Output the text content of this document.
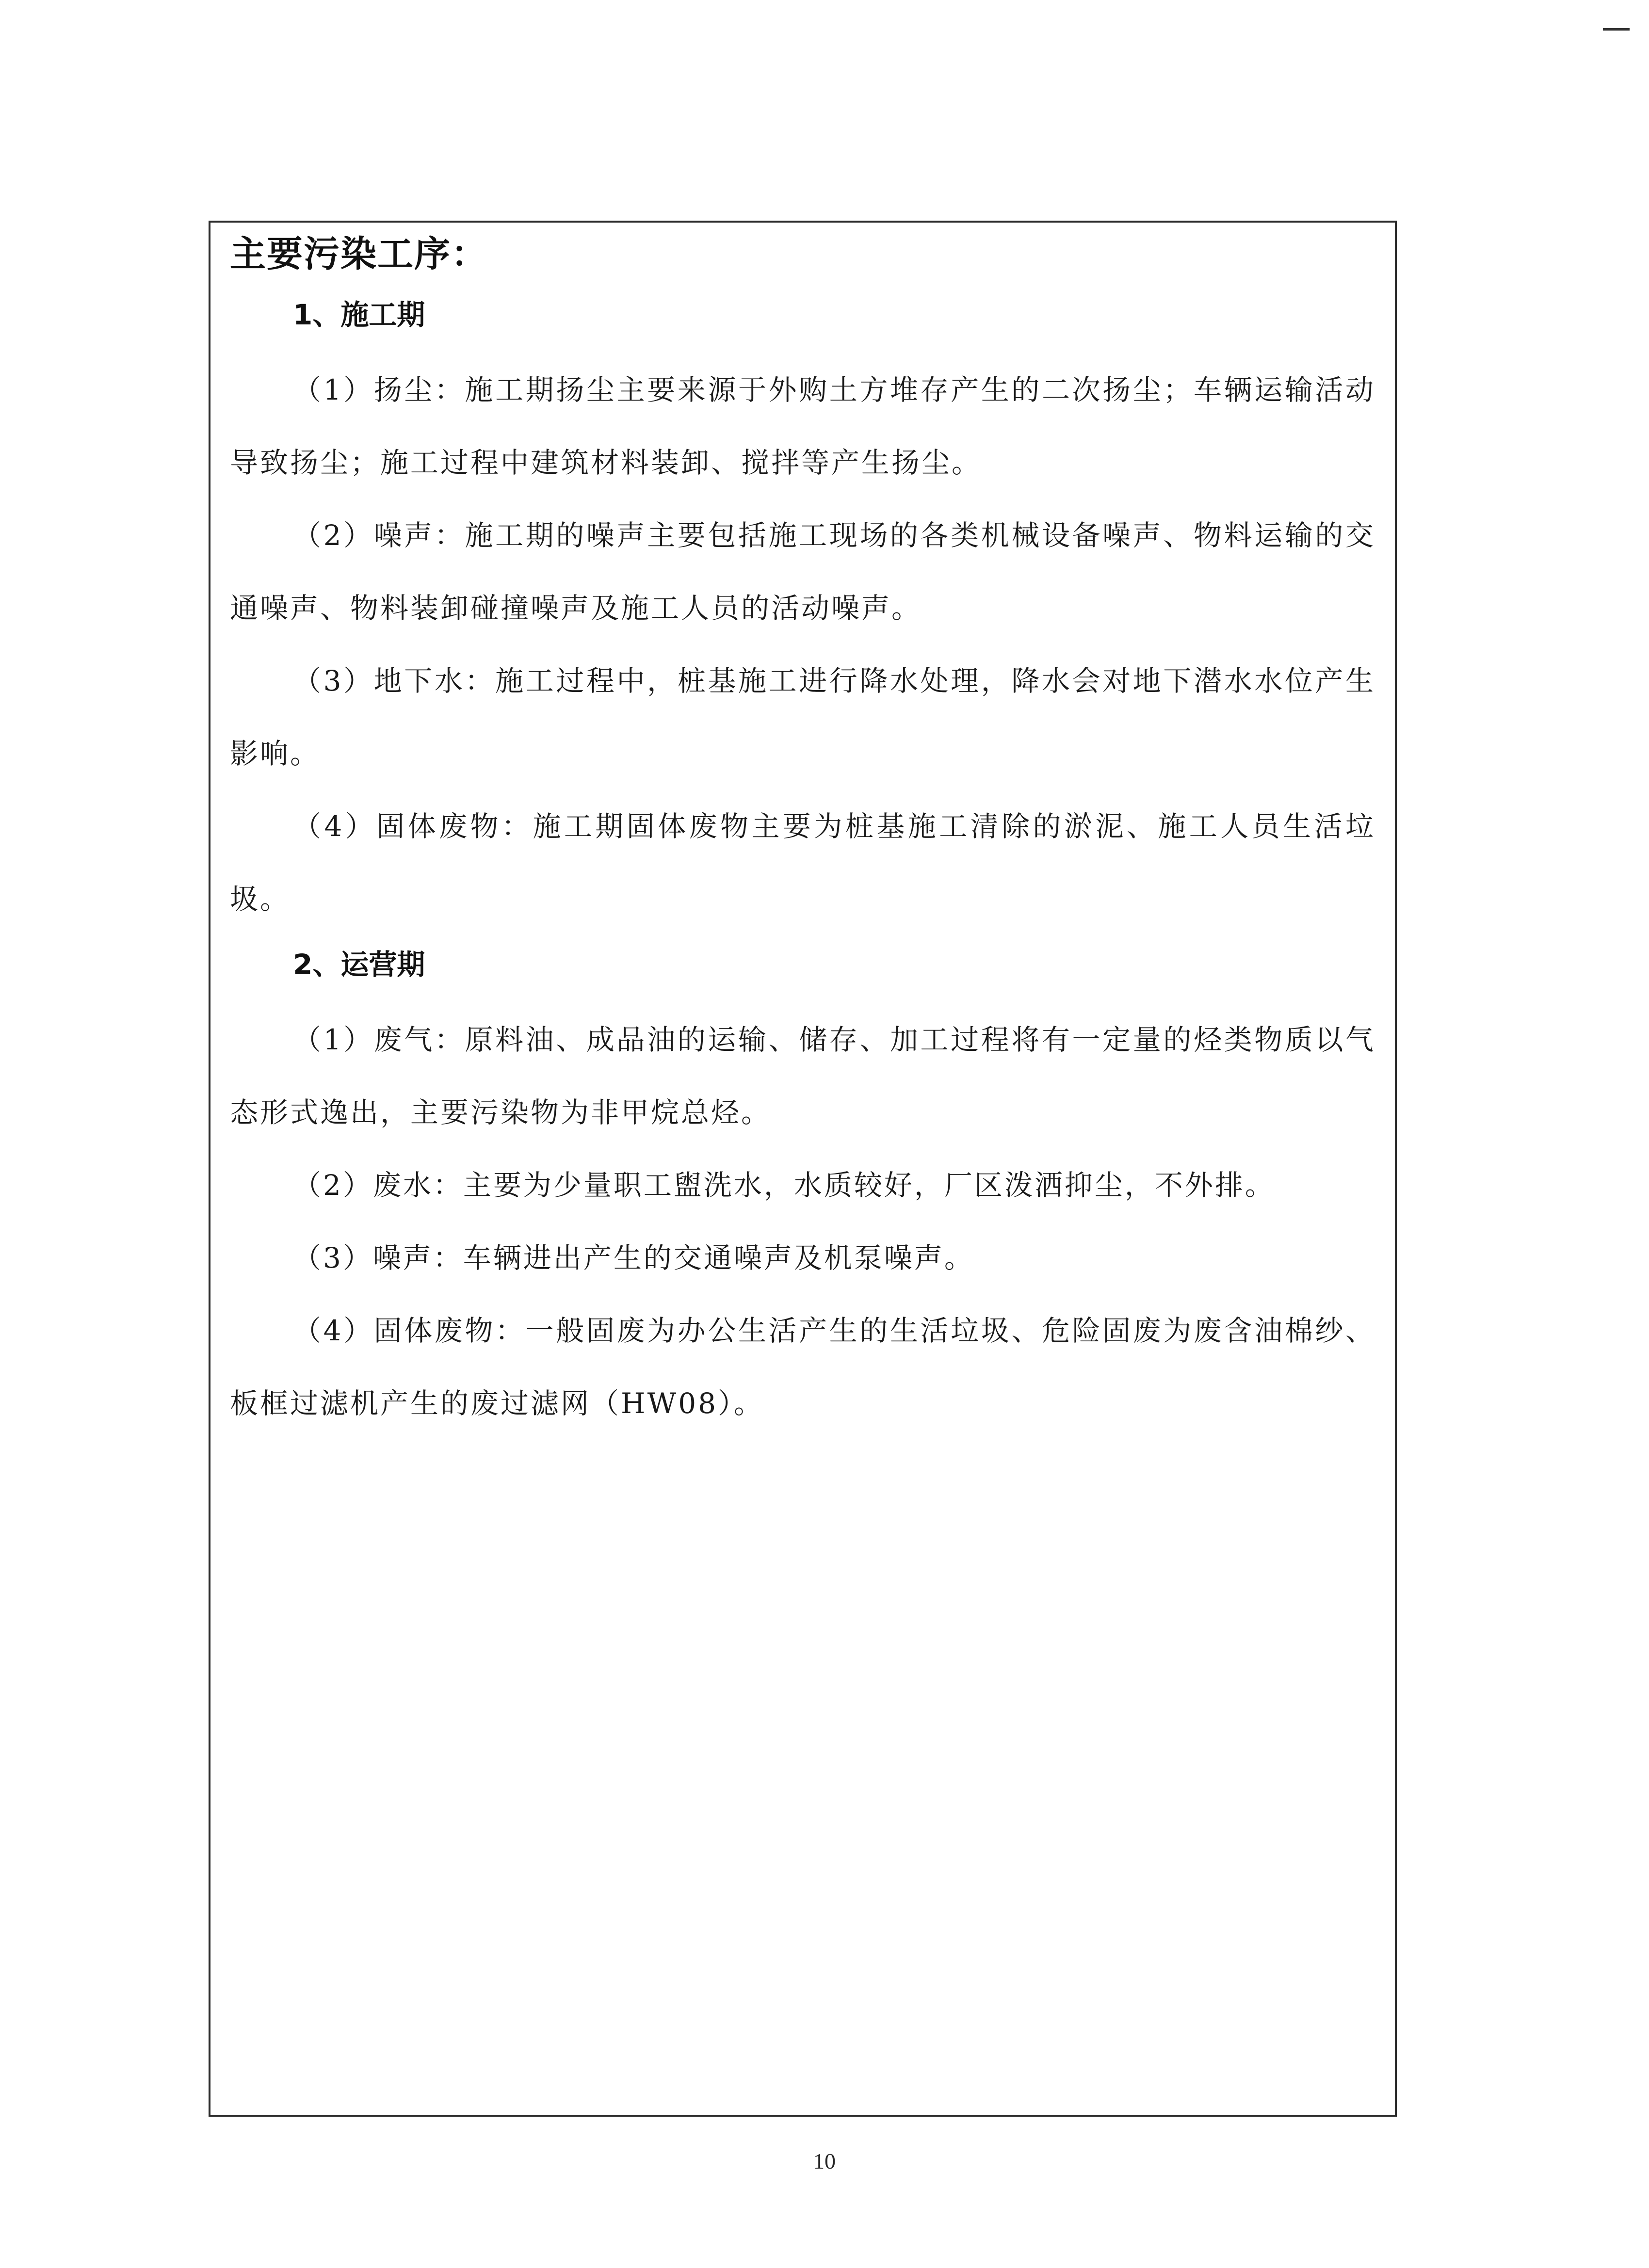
主要污染工序：

1、施工期

（1）扬尘：施工期扬尘主要来源于外购土方堆存产生的二次扬尘；车辆运输活动导致扬尘；施工过程中建筑材料装卸、搅拌等产生扬尘。

（2）噪声：施工期的噪声主要包括施工现场的各类机械设备噪声、物料运输的交通噪声、物料装卸碰撞噪声及施工人员的活动噪声。

（3）地下水：施工过程中，桩基施工进行降水处理，降水会对地下潜水水位产生影响。

（4）固体废物：施工期固体废物主要为桩基施工清除的淤泥、施工人员生活垃圾。

2、运营期

（1）废气：原料油、成品油的运输、储存、加工过程将有一定量的烃类物质以气态形式逸出，主要污染物为非甲烷总烃。

（2）废水：主要为少量职工盥洗水，水质较好，厂区泼洒抑尘，不外排。

（3）噪声：车辆进出产生的交通噪声及机泵噪声。

（4）固体废物：一般固废为办公生活产生的生活垃圾、危险固废为废含油棉纱、板框过滤机产生的废过滤网（HW08）。

10
